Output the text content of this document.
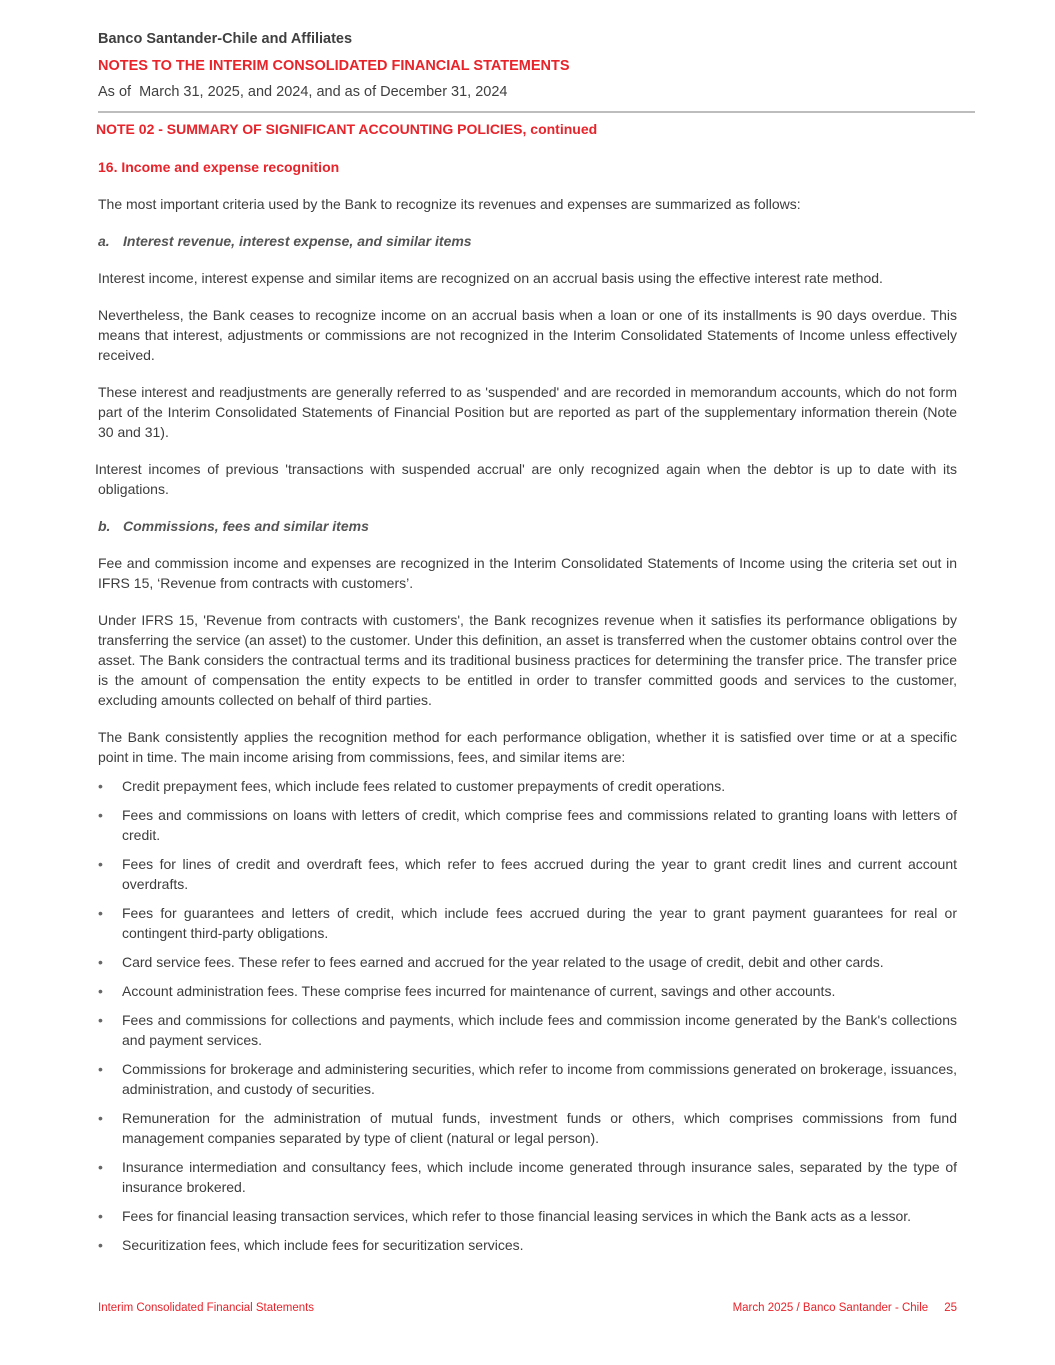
Banco Santander-Chile and Affiliates
NOTES TO THE INTERIM CONSOLIDATED FINANCIAL STATEMENTS
As of  March 31, 2025, and 2024, and as of December 31, 2024
NOTE 02 - SUMMARY OF SIGNIFICANT ACCOUNTING POLICIES, continued
16. Income and expense recognition

The most important criteria used by the Bank to recognize its revenues and expenses are summarized as follows:

a. Interest revenue, interest expense, and similar items

Interest income, interest expense and similar items are recognized on an accrual basis using the effective interest rate method.

Nevertheless, the Bank ceases to recognize income on an accrual basis when a loan or one of its installments is 90 days overdue. This means that interest, adjustments or commissions are not recognized in the Interim Consolidated Statements of Income unless effectively received.

These interest and readjustments are generally referred to as 'suspended' and are recorded in memorandum accounts, which do not form part of the Interim Consolidated Statements of Financial Position but are reported as part of the supplementary information therein (Note 30 and 31).

Interest incomes of previous 'transactions with suspended accrual' are only recognized again when the debtor is up to date with its obligations.

b. Commissions, fees and similar items

Fee and commission income and expenses are recognized in the Interim Consolidated Statements of Income using the criteria set out in IFRS 15, ‘Revenue from contracts with customers’.

Under IFRS 15, 'Revenue from contracts with customers', the Bank recognizes revenue when it satisfies its performance obligations by transferring the service (an asset) to the customer. Under this definition, an asset is transferred when the customer obtains control over the asset. The Bank considers the contractual terms and its traditional business practices for determining the transfer price. The transfer price is the amount of compensation the entity expects to be entitled in order to transfer committed goods and services to the customer, excluding amounts collected on behalf of third parties.

The Bank consistently applies the recognition method for each performance obligation, whether it is satisfied over time or at a specific point in time. The main income arising from commissions, fees, and similar items are:

• Credit prepayment fees, which include fees related to customer prepayments of credit operations.
• Fees and commissions on loans with letters of credit, which comprise fees and commissions related to granting loans with letters of credit.
• Fees for lines of credit and overdraft fees, which refer to fees accrued during the year to grant credit lines and current account overdrafts.
• Fees for guarantees and letters of credit, which include fees accrued during the year to grant payment guarantees for real or contingent third-party obligations.
• Card service fees. These refer to fees earned and accrued for the year related to the usage of credit, debit and other cards.
• Account administration fees. These comprise fees incurred for maintenance of current, savings and other accounts.
• Fees and commissions for collections and payments, which include fees and commission income generated by the Bank's collections and payment services.
• Commissions for brokerage and administering securities, which refer to income from commissions generated on brokerage, issuances, administration, and custody of securities.
• Remuneration for the administration of mutual funds, investment funds or others, which comprises commissions from fund management companies separated by type of client (natural or legal person).
• Insurance intermediation and consultancy fees, which include income generated through insurance sales, separated by the type of insurance brokered.
• Fees for financial leasing transaction services, which refer to those financial leasing services in which the Bank acts as a lessor.
• Securitization fees, which include fees for securitization services.
Interim Consolidated Financial Statements	March 2025 / Banco Santander - Chile 25
